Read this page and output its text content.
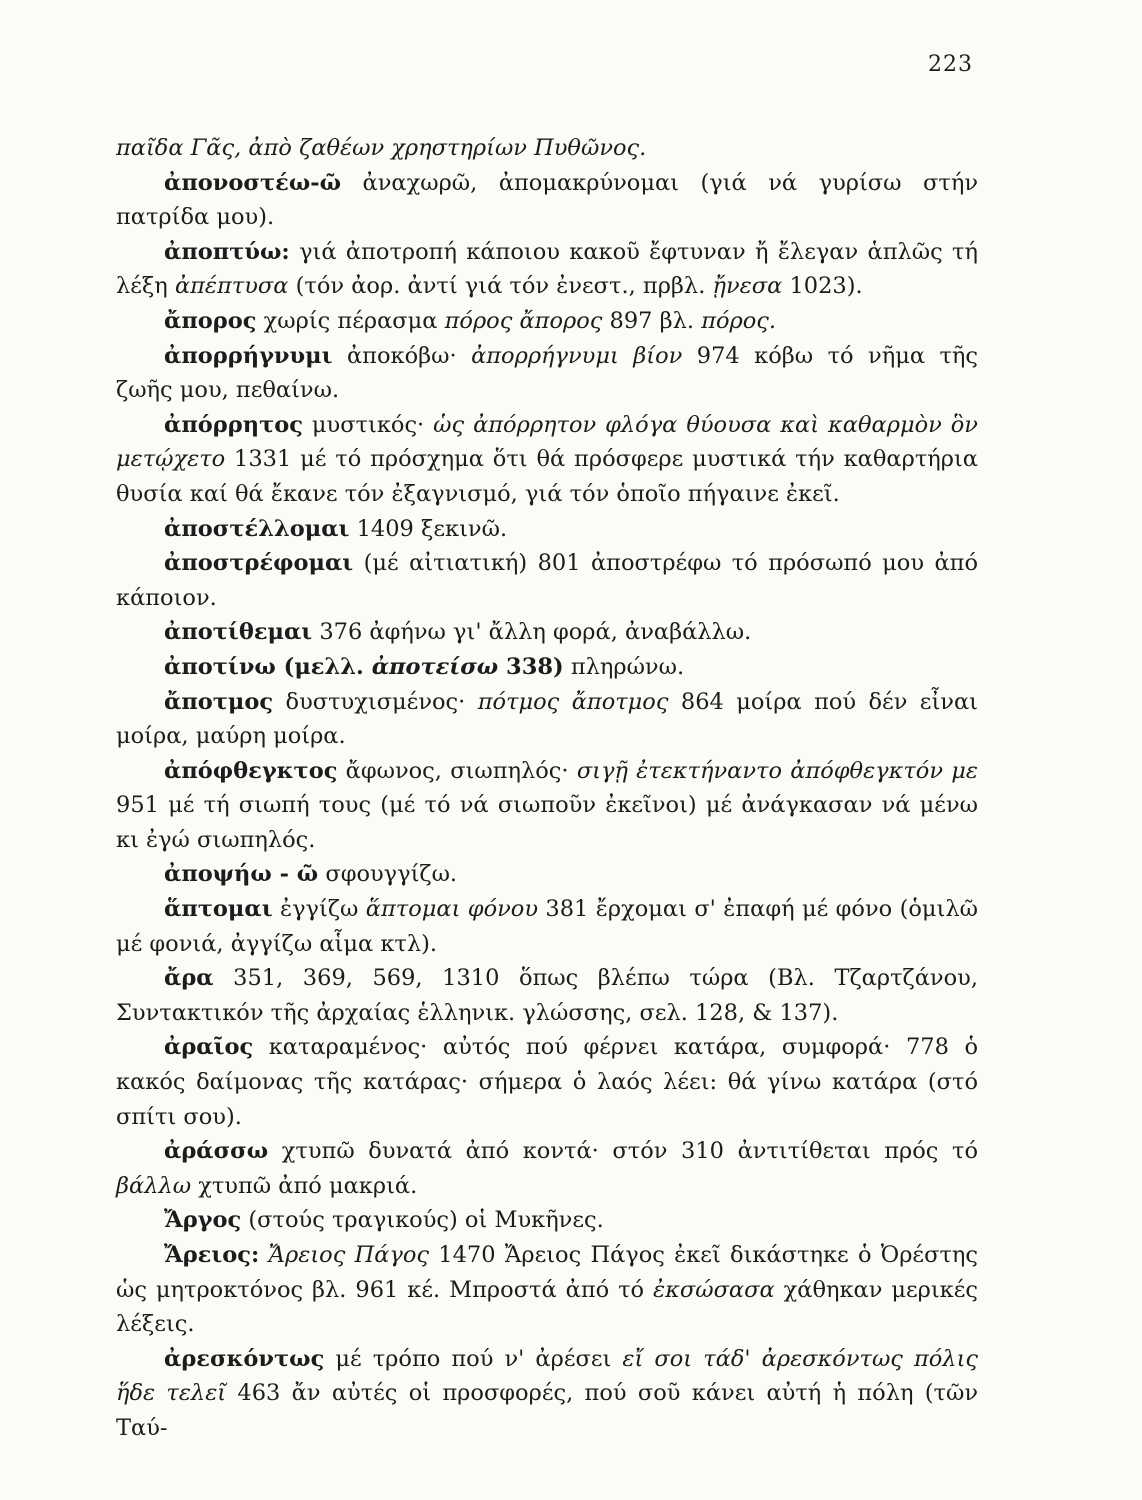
223

παῖδα Γᾶς, ἀπὸ ζαθέων χρηστηρίων Πυθῶνος.

ἀπονοστέω-ῶ ἀναχωρῶ, ἀπομακρύνομαι (γιά νά γυρίσω στήν πατρίδα μου).

ἀποπτύω: γιά ἀποτροπή κάποιου κακοῦ ἔφτυναν ἤ ἔλεγαν ἁπλῶς τή λέξη ἀπέπτυσα (τόν ἀορ. ἀντί γιά τόν ἐνεστ., πρβλ. ᾔνεσα 1023).

ἄπορος χωρίς πέρασμα πόρος ἄπορος 897 βλ. πόρος.

ἀπορρήγνυμι ἀποκόβω· ἀπορρήγνυμι βίον 974 κόβω τό νῆμα τῆς ζωῆς μου, πεθαίνω.

ἀπόρρητος μυστικός· ὡς ἀπόρρητον φλόγα θύουσα καὶ καθαρμὸν ὃν μετῴχετο 1331 μέ τό πρόσχημα ὅτι θά πρόσφερε μυστικά τήν καθαρτήρια θυσία καί θά ἔκανε τόν ἐξαγνισμό, γιά τόν ὁποῖο πήγαινε ἐκεῖ.

ἀποστέλλομαι 1409 ξεκινῶ.

ἀποστρέφομαι (μέ αἰτιατική) 801 ἀποστρέφω τό πρόσωπό μου ἀπό κάποιον.

ἀποτίθεμαι 376 ἀφήνω γι' ἄλλη φορά, ἀναβάλλω.

ἀποτίνω (μελλ. ἀποτείσω 338) πληρώνω.

ἄποτμος δυστυχισμένος· πότμος ἄποτμος 864 μοίρα πού δέν εἶναι μοίρα, μαύρη μοίρα.

ἀπόφθεγκτος ἄφωνος, σιωπηλός· σιγῇ ἐτεκτήναντο ἀπόφθεγκτόν με 951 μέ τή σιωπή τους (μέ τό νά σιωποῦν ἐκεῖνοι) μέ ἀνάγκασαν νά μένω κι ἐγώ σιωπηλός.

ἀποψήω - ῶ σφουγγίζω.

ἅπτομαι ἐγγίζω ἅπτομαι φόνου 381 ἔρχομαι σ' ἐπαφή μέ φόνο (ὁμιλῶ μέ φονιά, ἀγγίζω αἷμα κτλ).

ἄρα 351, 369, 569, 1310 ὅπως βλέπω τώρα (Βλ. Τζαρτζάνου, Συντακτικόν τῆς ἀρχαίας ἑλληνικ. γλώσσης, σελ. 128, & 137).

ἀραῖος καταραμένος· αὐτός πού φέρνει κατάρα, συμφορά· 778 ὁ κακός δαίμονας τῆς κατάρας· σήμερα ὁ λαός λέει: θά γίνω κατάρα (στό σπίτι σου).

ἀράσσω χτυπῶ δυνατά ἀπό κοντά· στόν 310 ἀντιτίθεται πρός τό βάλλω χτυπῶ ἀπό μακριά.

Ἄργος (στούς τραγικούς) οἱ Μυκῆνες.

Ἄρειος: Ἄρειος Πάγος 1470 Ἄρειος Πάγος ἐκεῖ δικάστηκε ὁ Ὀρέστης ὡς μητροκτόνος βλ. 961 κέ. Μπροστά ἀπό τό ἐκσώσασα χάθηκαν μερικές λέξεις.

ἀρεσκόντως μέ τρόπο πού ν' ἀρέσει εἴ σοι τάδ' ἀρεσκόντως πόλις ἥδε τελεῖ 463 ἄν αὐτές οἱ προσφορές, πού σοῦ κάνει αὐτή ἡ πόλη (τῶν Ταύ-
